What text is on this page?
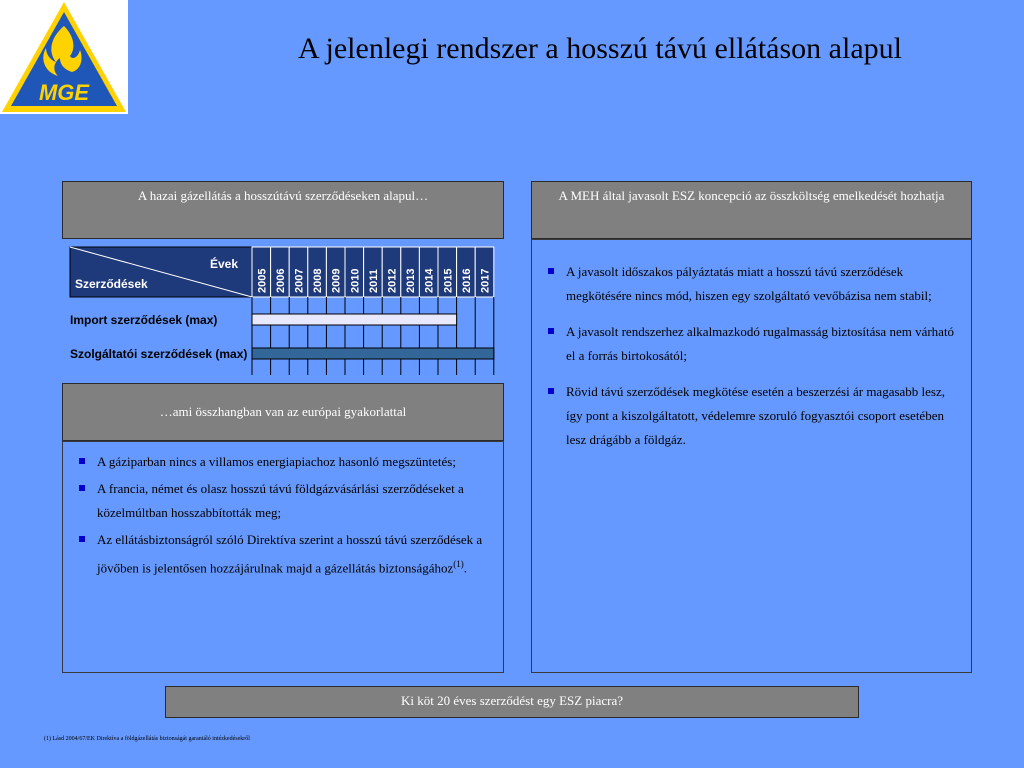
MGE
A jelenlegi rendszer a hosszú távú ellátáson alapul
A hazai gázellátás a hosszútávú szerződéseken alapul…
2005 2006 2007 2008 2009 2010 2011 2012 2013 2014 2015 2016 2017
Évek
Szerződések
Import szerződések (max)
Szolgáltatói szerződések (max)
…ami összhangban van az európai gyakorlattal
A gáziparban nincs a villamos energiapiachoz hasonló megszüntetés;
A francia, német és olasz hosszú távú földgázvásárlási szerződéseket a közelmúltban hosszabbították meg;
Az ellátásbiztonságról szóló Direktíva szerint a hosszú távú szerződések a jövőben is jelentősen hozzájárulnak majd a gázellátás biztonságához$^{(1)}$.
A MEH által javasolt ESZ koncepció az összköltség emelkedését hozhatja
A javasolt időszakos pályáztatás miatt a hosszú távú szerződések megkötésére nincs mód, hiszen egy szolgáltató vevőbázisa nem stabil;
A javasolt rendszerhez alkalmazkodó rugalmasság biztosítása nem várható el a forrás birtokosától;
Rövid távú szerződések megkötése esetén a beszerzési ár magasabb lesz, így pont a kiszolgáltatott, védelemre szoruló fogyasztói csoport esetében lesz drágább a földgáz.
Ki köt 20 éves szerződést egy ESZ piacra?
(1) Lásd 2004/67/EK Direktíva a földgázellátás biztonságát garantáló intézkedésekről
